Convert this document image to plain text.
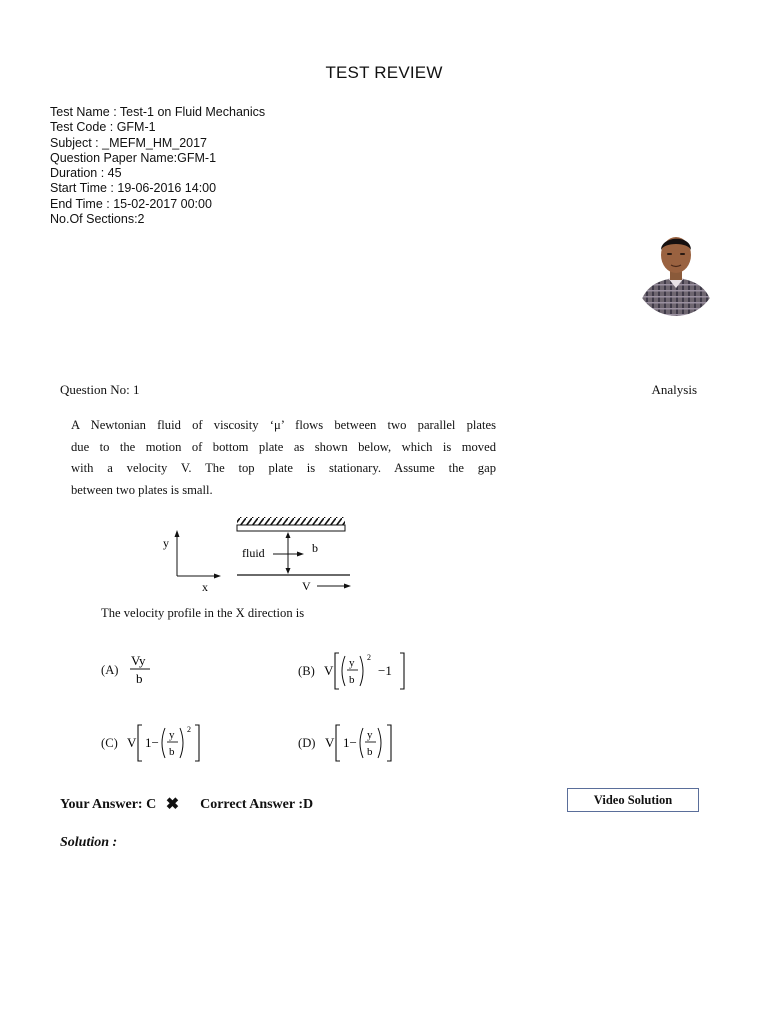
TEST REVIEW
Test Name : Test-1 on Fluid Mechanics
Test Code : GFM-1
Subject : _MEFM_HM_2017
Question Paper Name:GFM-1
Duration : 45
Start Time : 19-06-2016 14:00
End Time : 15-02-2017 00:00
No.Of Sections:2
Question No: 1	Analysis
A Newtonian fluid of viscosity ‘μ’ flows between two parallel plates
due to the motion of bottom plate as shown below, which is moved
with a velocity V. The top plate is stationary. Assume the gap
between two plates is small.
y
x
b
fluid
V
The velocity profile in the X direction is
(A)
Vy
b
(B) V y
b
2
−1
(C) V 1− y
b
2
(D) V 1− y
b
Your Answer: C ✖ Correct Answer :D	Video Solution
Solution :
